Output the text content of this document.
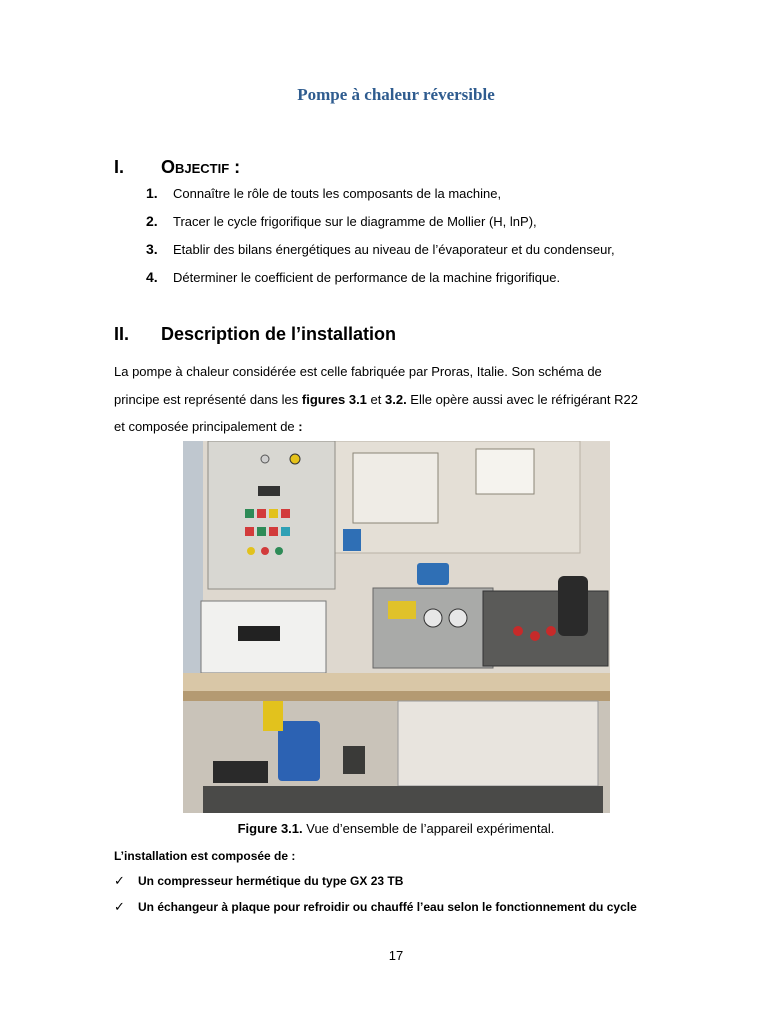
Pompe à chaleur réversible
I. Objectif :
1. Connaître le rôle de touts les composants de la machine,
2. Tracer le cycle frigorifique sur le diagramme de Mollier (H, lnP),
3. Etablir des bilans énergétiques au niveau de l’évaporateur et du condenseur,
4. Déterminer le coefficient de performance de la machine frigorifique.
II. Description de l’installation
La pompe à chaleur considérée est celle fabriquée par Proras, Italie. Son schéma de
principe est représenté dans les figures 3.1 et 3.2. Elle opère aussi avec le réfrigérant R22
et composée principalement de :
Figure 3.1. Vue d’ensemble de l’appareil expérimental.
L’installation est composée de :
✓ Un compresseur hermétique du type GX 23 TB
✓ Un échangeur à plaque pour refroidir ou chauffé l’eau selon le fonctionnement du cycle
17
